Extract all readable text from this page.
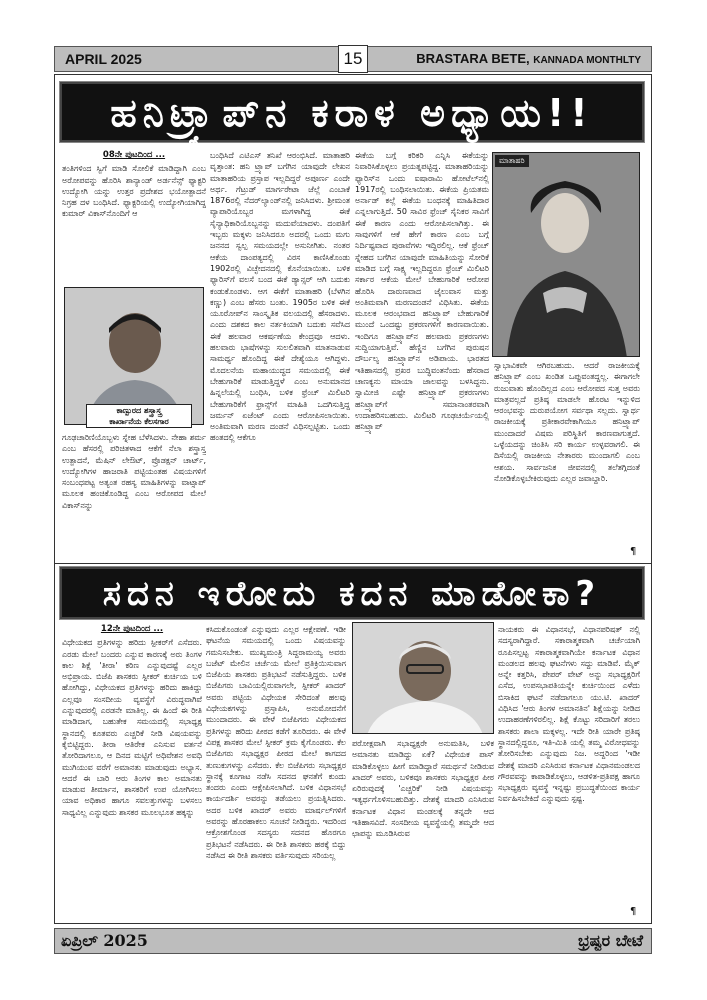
APRIL 2025	15	BRASTARA BETE, KANNADA MONTHLTY
ಹನಿಟ್ರ್ಯಾಪ್‌ನ ಕರಾಳ ಅಧ್ಯಾಯ!!
08ನೇ ಪುಟದಿಂದ ...
ತಂತಿಗಳಿಂದ ಸ್ವಿಗೆ ಮಾಡಿ ಸೋಲಿಕೆ ಮಾಡಿದ್ದಾಗಿ ಎಂಬ ಅರೋಪವನ್ನು ಹೊರಿಸಿ ಶಾನ್ಯಾಂಡ್ ಅರ್ಡನೆನ್ಸ್ ಫ್ಯಾಕ್ಟರಿ ಉದ್ಯೋಗಿ ಯನ್ನು ಉತ್ತರ ಪ್ರದೇಶದ ಭಯೋತ್ಪಾದನೆ ನಿಗ್ರಹ ದಳ ಬಂಧಿಸಿದೆ. ಫ್ಯಾಕ್ಟರಿಯಲ್ಲಿ ಉದ್ಯೋಗಿಯಾಗಿದ್ದ ಕುಮಾರ್ ವಿಕಾಸ್‌ನೊಂದಿಗೆ ಆ
ಕಾಣ್ಪುರದ ಶಸ್ತ್ರಾಸ್ತ್ರ
ಕಾರ್ಖಾನೆಯ ಕೆಲಸಗಾರ
ಗೂಢಚಾರಿಣಿಯೊಬ್ಬಳು ಸ್ನೇಹ ಬೆಳೆಸಿದಳು. ನೇಹಾ ಶರ್ಮ ಎಂಬ ಹೆಸರಲ್ಲಿ ಪರಿಚಿತಳಾದ ಆಕೆಗೆ ನೆಲಾ ಶಸ್ತ್ರಾಸ್ತ್ರ ಉತ್ಪಾದನೆ, ಮೆಷಿನ್ ಲೇಔಟ್, ಪ್ರೊಡಕ್ಷನ್ ಚಾರ್ಟ್, ಉದ್ಯೋಗಿಗಳ ಹಾಜರಾತಿ ಪಟ್ಟಿಯಂತಹ ವಿಷಯಗಳಿಗೆ ಸಂಬಂಧಪಟ್ಟ ಅತ್ಯಂತ ರಹಸ್ಯ ಮಾಹಿತಿಗಳನ್ನು ವಾಟ್ಸಾಪ್ ಮೂಲಕ ಹಂಚಿಕೊಂಡಿದ್ದ ಎಂಬ ಆರೋಪದ ಮೇಲೆ ವಿಕಾಸ್‌ನನ್ನು
ಬಂಧಿಸಿದೆ ಎಟಿಎಸ್ ತನಿಖೆ ಆರಂಭಿಸಿದೆ. ಮಾತಾಹರಿ ವೃತ್ತಾಂತ: ಹನಿ ಟ್ರ್ಯಾಪ್ ಬಗೆಗಿನ ಯಾವುದೇ ಲೇಖನ ಮಾತಾಹರಿಯ ಪ್ರಸ್ತಾಪ ಇಲ್ಲದಿದ್ದರೆ ಅಪೂರ್ಣ ಎಂದೇ ಅರ್ಥ. ಗೆಟ್ರುಡ್ ಮಾರ್ಗರೇಟಾ ಜೆಲ್ಲೆ ಎಂಬಾಕೆ 1876ರಲ್ಲಿ ನೆದರ್‌ಲ್ಯಾಂಡ್‌ನಲ್ಲಿ ಜನಿಸಿದಳು. ಶ್ರೀಮಂತ ವ್ಯಾಪಾರಿಯೊಬ್ಬರ ಮಗಳಾಗಿದ್ದ ಈಕೆ ಸೈನ್ಯಾಧಿಕಾರಿಯೊಬ್ಬನನ್ನು ಮದುವೆಯಾದಳು. ದಂಪತಿಗೆ ಇಬ್ಬರು ಮಕ್ಕಳು ಜನಿಸಿದರೂ ಅದರಲ್ಲಿ ಒಂದು ಮಗು ಜನನದ ಸ್ವಲ್ಪ ಸಮಯದಲ್ಲೇ ಅಸುನೀಗಿತು. ನಂತರ ಆಕೆಯ ದಾಂಪತ್ಯದಲ್ಲಿ ವಿರಸ ಕಾಣಿಸಿಕೊಂಡು 1902ರಲ್ಲಿ ವಿಚ್ಛೇದನದಲ್ಲಿ ಕೊನೆಯಾಯಿತು. ಬಳಿಕ ಫ್ಯಾರಿಸ್‌ಗೆ ವಲಸೆ ಬಂದ ಈಕೆ ಡ್ಯಾನ್ಸರ್ ಆಗಿ ಬದುಕು ಕಂಡುಕೊಂಡಳು. ಆಗ ಈಕೆಗೆ ಮಾತಾಹರಿ (ಬೆಳಗಿನ ಕಣ್ಣು) ಎಂಬ ಹೆಸರು ಬಂತು. 1905ರ ಬಳಿಕ ಈಕೆ ಯೂರೋಪ್‌ನ ಸಾಂಸ್ಕೃತಿಕ ವಲಯದಲ್ಲಿ ಹೆಸರಾದಳು. ಎಂದು ದಶಕದ ಕಾಲ ನರ್ತಕಿಯಾಗಿ ಬದುಕು ಸವೆಸಿದ ಈಕೆ ಹಲವಾರ ಆಕರ್ಷಣೆಯ ಕೇಂದ್ರವೂ ಆದಳು. ಹಲವಾರು ಭಾಷೆಗಳನ್ನು ಸುಲಲಿತವಾಗಿ ಮಾತನಾಡುವ ಸಾಮರ್ಥ್ಯ ಹೊಂದಿದ್ದ ಈಕೆ ದೇಶ್ಯೆಯೂ ಆಗಿದ್ದಳು. ಮೊದಲನೆಯ ಮಹಾಯುದ್ಧದ ಸಮಯದಲ್ಲಿ ಈಕೆ ಬೇಹುಗಾರಿಕೆ ಮಾಡುತ್ತಿದ್ದಳೆ ಎಂಬ ಅನುಮಾನದ ಹಿನ್ನಲೆಯಲ್ಲಿ ಬಂಧಿಸಿ, ಬಳಿಕ ಫ್ರೆಂಚ್ ಮಿಲಿಟರಿ ಬೇಹುಗಾರಿಕೆಗೆ ಫ್ರಾನ್ಸ್‌ಗೆ ಮಾಹಿತಿ ಒದಗಿಸುತ್ತಿದ್ದ ಜರ್ಮನ್ ಏಜೆಂಟ್ ಎಂದು ಆರೋಪಿಸಲಾಯಿತು. ಅಂತಿಮವಾಗಿ ಮರಣ ದಂಡನೆ ವಿಧಿಸಲ್ಪಟ್ಟಿತು. ಒಂದು ಹಂತದಲ್ಲಿ ಆಕೆಗೂ
ಈಕೆಯ ಬಗ್ಗೆ ಕರಿಕರಿ ಎನ್ನಿಸಿ ಈಕೆಯನ್ನು ನಿವಾರಿಸಿಕೊಳ್ಳಲು ಪ್ರಯತ್ನಪಟ್ಟಿದ್ದ. ಮಾತಾಹರಿಯನ್ನು ಫ್ಯಾರಿಸ್‌ನ ಒಂದು ಐಷಾರಾಮಿ ಹೋಟೆಲ್‌ನಲ್ಲಿ 1917ರಲ್ಲಿ ಬಂಧಿಸಲಾಯಿತು. ಈಕೆಯ ಪ್ರಿಯತಮ ಅರ್ನಾಡ್ ಕಲ್ಲೆ ಈಕೆಯ ಬಂಧನಕ್ಕೆ ಮಾಹಿತಿದಾರ ಎನ್ನಲಾಗುತ್ತಿದೆ. 50 ಸಾವಿರ ಫ್ರೆಂಚ್ ಸೈನಿಕರ ಸಾವಿಗೆ ಈಕೆ ಕಾರಣ ಎಂದು ಆರೋಪಿಸಲಾಗಿತ್ತು. ಈ ಸಾವುಗಳಿಗೆ ಆಕೆ ಹೇಗೆ ಕಾರಣ ಎಂಬ ಬಗ್ಗೆ ನಿರ್ದಿಷ್ಟವಾದ ಪುರಾವೆಗಳು ಇದ್ದಿರಲಿಲ್ಲ. ಆಕೆ ಫ್ರೆಂಚ್ ಸ್ನೇಹದ ಬಗೆಗಿನ ಯಾವುದೇ ಮಾಹಿತಿಯನ್ನು ಸೋರಿಕೆ ಮಾಡಿದ ಬಗ್ಗೆ ಸಾಕ್ಷ್ಯ ಇಲ್ಲದಿದ್ದರೂ ಫ್ರೆಂಚ್ ಮಿಲಿಟರಿ ಸರ್ಕಾರ ಆಕೆಯ ಮೇಲೆ ಬೇಹುಗಾರಿಕೆ ಆರೋಪ ಹೊರಿಸಿ ದಾರುಣವಾದ ಜೈಲುವಾಸ ಮತ್ತು ಅಂತಿಮವಾಗಿ ಮರಣದಂಡನೆ ವಿಧಿಸಿತು. ಈಕೆಯ ಮೂಲಕ ಆರಂಭವಾದ ಹನಿಟ್ರ್ಯಾಪ್ ಬೇಹುಗಾರಿಕೆ ಮುಂದೆ ಒಂದಷ್ಟು ಪ್ರಕರಣಗಳಿಗೆ ಕಾರಣವಾಯಿತು. ಇಂದಿಗೂ ಹನಿಟ್ರ್ಯಾಪ್‌ನ ಹಲವಾರು ಪ್ರಕರಣಗಳು ಸುದ್ದಿಯಾಗುತ್ತಿವೆ. ಹೆಣ್ಣಿನ ಬಗೆಗಿನ ಪುರುಷನ ದೌರ್ಬಲ್ಯ ಹನಿಟ್ರ್ಯಾಪ್‌ನ ಅಡಿಪಾಯ. ಭಾರತದ ಇತಿಹಾಸದಲ್ಲಿ ಪ್ರಖರ ಬುದ್ಧಿವಂತನೆಂದು ಹೆಸರಾದ ಚಾಣಕ್ಯನು ಮಾಯಾ ಜಾಲವನ್ನು ಬಳಸಿದ್ದನು. ಸ್ವಾಮೀಜಿ ಎಷ್ಟೇ ಹನಿಟ್ರ್ಯಾಪ್ ಪ್ರಕರಣಗಳು ಹನಿಟ್ರ್ಯಾಪ್‌ಗೆ ಸಮಾನಾಂತರವಾಗಿ ಉದಾಹರಿಸಬಹುದು. ಮಿಲಿಟರಿ ಗೂಢಚರ್ಯೆಯಲ್ಲಿ ಹನಿಟ್ರ್ಯಾಪ್
ಮಾತಾಹರಿ
ಸ್ವಾಭಾವಿಕವೇ ಆಗಿರಬಹುದು. ಆದರೆ ರಾಜಕೀಯಕ್ಕೆ ಹನಿಟ್ರ್ಯಾಪ್ ಎಂಬ ಖಂಡಿತ ಒಪ್ಪುವಂತದ್ದಲ್ಲ. ಈಗಾಗಲೇ ರುಜುವಾತು ಹೊಂದಿಲ್ಲದ ಎಂಬ ಆರೋಪದ ಸುತ್ತ ಅವರು ಮಾತ್ರವಲ್ಲದೆ ಪ್ರತಿಷ್ಠ ಮಾಡಲೇ ಹೊರಟ ಇನ್ನುಳಿದ ಆರಂಭವನ್ನು ದುರುಪಯೋಗ ಸರ್ವಥಾ ಸಲ್ಲದು. ಸ್ವಾರ್ಥ ರಾಜಕೀಯಕ್ಕೆ ಪ್ರತೀಕಾರವೇಕಾಗಿಯೂ ಹನಿಟ್ರ್ಯಾಪ್ ಮುಂದಾದರೆ ವಿಷಮ ಪರಿಸ್ಥಿತಿಗೆ ಕಾರಣವಾಗುತ್ತದೆ. ಒಳ್ಳೆಯದನ್ನು ಚಿಂತಿಸಿ ಸರಿ ಕಾರ್ಯ ಉಳ್ಳವರಾಗಲಿ. ಈ ದಿಸೆಯಲ್ಲಿ ರಾಜಕೀಯ ನೇತಾರರು ಮುಂದಾಗಲಿ ಎಂಬ ಆಶಯ. ಸಾರ್ವಜನಿಕ ಜೀವನದಲ್ಲಿ ತಲೆತಗ್ಗಿದಂತೆ ನೋಡಿಕೊಳ್ಳಬೇಕಿರುವುದು ಎಲ್ಲರ ಜವಾಬ್ದಾರಿ.
¶
ಸದನ ಇರೋದು ಕದನ ಮಾಡೋಕಾ?
12ನೇ ಪುಟದಿಂದ ...
ವಿಧೇಯಕದ ಪ್ರತಿಗಳನ್ನು ಹರಿದು ಸ್ಪೀಕರ್‌ಗೆ ಎಸೆದರು. ಎರಡು ಮೇಲೆ ಬಂದರು ಎನ್ನುವ ಕಾರಣಕ್ಕೆ ಅರು ತಿಂಗಳ ಕಾಲ ಶಿಕ್ಷೆ 'ತೀರಾ' ಕಠಿಣ ಎನ್ನುವುದಷ್ಟೆ ಎಲ್ಲರ ಅಭಿಪ್ರಾಯ. ಬಿಜೆಪಿ ಶಾಸಕರು ಸ್ಪೀಕರ್ ಕುರ್ಚಿಯ ಬಳಿ ಹೋಗಿದ್ದು, ವಿಧೇಯಕದ ಪ್ರತಿಗಳನ್ನು ಹರಿದು ಹಾಕಿದ್ದು ಎಲ್ಲವೂ ಸಂಸದೀಯ ವ್ಯವಸ್ಥೆಗೆ ವಿರುದ್ಧವಾಗಿವೆ ಎನ್ನುವುದರಲ್ಲಿ ಎರಡನೇ ಮಾತಿಲ್ಲ. ಈ ಹಿಂದೆ ಈ ರೀತಿ ಮಾಡಿದಾಗ, ಬಹುತೇಕ ಸಮಯದಲ್ಲಿ ಸಭಾಧ್ಯಕ್ಷ ಸ್ಥಾನದಲ್ಲಿ ಕೂತವರು ಎಚ್ಚರಿಕೆ ನೀಡಿ ವಿಷಯವನ್ನು ಕೈಬಿಟ್ಟಿದ್ದರು. ತೀರಾ ಆತಿರೇಕ ಎನಿಸುವ ವರ್ತನೆ ತೋರಿದಾಗಲೂ, ಆ ದಿನದ ಮಟ್ಟಿಗೆ ಅಧಿವೇಶನ ಅವಧಿ ಮುಗಿಯುವ ವರೆಗೆ ಅಮಾನತು ಮಾಡುವುದು ಅಭ್ಯಾಸ. ಆದರೆ ಈ ಬಾರಿ ಆರು ತಿಂಗಳ ಕಾಲ ಅಮಾನತು ಮಾಡುವ ತೀರ್ಮಾನ, ಶಾಸಕರಿಗೆ ಉಪ ಯೋಗಿಸಲು ಯಾವ ಅಧಿಕಾರ ಹಾಗೂ ಸವಲತ್ತುಗಳನ್ನು ಬಳಸಲು ಸಾಧ್ಯವಿಲ್ಲ ಎನ್ನುವುದು ಶಾಸಕರ ಮೂಲಭೂತ ಹಕ್ಕನ್ನು
ಕಸಿದುಕೊಂಡಂತೆ ಎನ್ನುವುದು ಎಲ್ಲರ ಆಕ್ಷೇಪಣೆ. ಇಡೀ ಘಟನೆಯ ಸಮಯದಲ್ಲಿ ಒಂದು ವಿಷಯವನ್ನು ಗಮನಿಸಬೇಕು. ಮುಖ್ಯಮಂತ್ರಿ ಸಿದ್ದರಾಮಯ್ಯ ಅವರು ಬಜೆಟ್ ಮೇಲಿನ ಚರ್ಚೆಯ ಮೇಲೆ ಪ್ರತಿಕ್ರಿಯಿಸುವಾಗ ಬಿಜೆಪಿಯ ಶಾಸಕರು ಪ್ರತಿಭಟನೆ ನಡೆಸುತ್ತಿದ್ದರು. ಬಳಿಕ ಬಿಜೆಪಿಗರು ಬಾವಿಯಲ್ಲಿರುವಾಗಲೇ, ಸ್ಪೀಕರ್ ಖಾದರ್ ಅವರು ಪಟ್ಟಿಯ ವಿಧೇಯಕ ಸೇರಿದಂತೆ ಹಲವು ವಿಧೇಯಕಗಳನ್ನು ಪ್ರಸ್ತಾಪಿಸಿ, ಅನುಮೋದನೆಗೆ ಮುಂದಾದರು. ಈ ವೇಳೆ ಬಿಜೆಪಿಗರು ವಿಧೇಯಕದ ಪ್ರತಿಗಳನ್ನು ಹರಿದು ಪೀಠದ ಕಡೆಗೆ ತೂರಿದರು. ಈ ವೇಳೆ ವಿಪಕ್ಷ ಶಾಸಕರ ಮೇಲೆ ಸ್ಪೀಕರ್ ಕ್ರಮ ಕೈಗೊಂಡರು. ಕೆಲ ಬಿಜೆಪಿಗರು ಸಭಾಧ್ಯಕ್ಷರ ಪೀಠದ ಮೇಲೆ ಕಾಗದದ ತುಣುಕುಗಳನ್ನು ಎಸೆದರು. ಕೆಲ ಬಿಜೆಪಿಗರು ಸಭಾಧ್ಯಕ್ಷರ ಸ್ಥಾನಕ್ಕೆ ಕೂಗಾಟ ನಡೆಸಿ ಸದನದ ಘನತೆಗೆ ಕುಂದು ತಂದರು ಎಂದು ಆಕ್ಷೇಪಿಸಲಾಗಿದೆ. ಬಳಿಕ ವಿಧಾನಸಭೆ ಕಾರ್ಯದರ್ಶಿ ಅವರನ್ನು ತಡೆಯಲು ಪ್ರಯತ್ನಿಸಿದರು. ಅದರ ಬಳಿಕ ಖಾದರ್ ಅವರು ಮಾರ್ಷಲ್‌ಗಳಿಗೆ ಅವರನ್ನು ಹೊರಹಾಕಲು ಸೂಚನೆ ನೀಡಿದ್ದರು. ಇದರಿಂದ ಆಕ್ರೋಶಗೊಂಡ ಸದಸ್ಯರು ಸದನದ ಹೊರಗೂ ಪ್ರತಿಭಟನೆ ನಡೆಸಿದರು. ಈ ರೀತಿ ಶಾಸಕರು ಹಠಕ್ಕೆ ಬಿದ್ದು ನಡೆಸಿದ ಈ ರೀತಿ ಶಾಸಕರು ವರ್ತಿಸುವುದು ಸರಿಯಲ್ಲ
ಪರೋಕ್ಷವಾಗಿ ಸಭಾಧ್ಯಕ್ಷರೇ ಅನುಮತಿಸಿ, ಬಳಿಕ ಅಮಾನತು ಮಾಡಿದ್ದು ಏಕೆ? ವಿಧೇಯಕ ಪಾಸ್ ಮಾಡಿಕೊಳ್ಳಲು ಹೀಗೆ ಮಾಡಿದ್ದಾರೆ ಸಮರ್ಥನೆ ನೀಡಿರುವ ಖಾದರ್ ಅವರು, ಬಳಿಕವೂ ಶಾಸಕರು ಸಭಾಧ್ಯಕ್ಷರ ಪೀಠ ಏರಿರುವುದಕ್ಕೆ 'ಎಚ್ಚರಿಕೆ' ನೀಡಿ ವಿಷಯವನ್ನು ಇತ್ಯರ್ಥಗೊಳಿಸಬಹುದಿತ್ತು. ದೇಶಕ್ಕೆ ಮಾದರಿ ಎನಿಸಿರುವ ಕರ್ನಾಟಕ ವಿಧಾನ ಮಂಡಲಕ್ಕೆ ತನ್ನದೇ ಆದ ಇತಿಹಾಸವಿದೆ. ಸಂಸದೀಯ ವ್ಯವಸ್ಥೆಯಲ್ಲಿ ತಮ್ಮದೇ ಆದ ಛಾಪನ್ನು ಮೂಡಿಸಿರುವ
ನಾಯಕರು ಈ ವಿಧಾನಸಭೆ, ವಿಧಾನಪರಿಷತ್ ನಲ್ಲಿ ಸದಸ್ಯರಾಗಿದ್ದಾರೆ. ಸಕಾರಾತ್ಮಕವಾಗಿ ಚರ್ಚೆಯಾಗಿ ರೂಪಿಸಲ್ಪಟ್ಟ ಸಕಾರಾತ್ಮಕವಾಗಿಯೇ ಕರ್ನಾಟಕ ವಿಧಾನ ಮಂಡಲದ ಹಲವು ಘಟನೆಗಳು ಸದ್ದು ಮಾಡಿವೆ. ಮೈಕ್ ಅನ್ನೇ ಕತ್ತರಿಸಿ, ಪೇಪರ್ ವೇಟ್ ಅನ್ನು ಸಭಾಧ್ಯಕ್ಷರಿಗೆ ಎಸೆದ, ಉಪಸಭಾಪತಿಯನ್ನೇ ಕುರ್ಚಿಯಿಂದ ಎಳೆದು ಬಿಸಾಕಿದ ಘಟನೆ ನಡೆದಾಗಲೂ ಯು.ಟಿ. ಖಾದರ್ ವಿಧಿಸಿದ 'ಆರು ತಿಂಗಳ ಅಮಾನತಿನ' ಶಿಕ್ಷೆಯನ್ನು ನೀಡಿದ ಉದಾಹರಣೆಗಳಿರಲಿಲ್ಲ. ಶಿಕ್ಷೆ ಕೊಟ್ಟು ಸರಿದಾರಿಗೆ ತರಲು ಶಾಸಕರು ಶಾಲಾ ಮಕ್ಕಳಲ್ಲ. ಇದೇ ರೀತಿ ಯಾರೇ ಪ್ರತಿಷ್ಠ ಸ್ಥಾನದಲ್ಲಿದ್ದರೂ, ಇತಿ-ಮಿತಿ ಯಲ್ಲಿ ತಮ್ಮ ವಿರೋಧವನ್ನು ತೋರಿಸಬೇಕು ಎನ್ನುವುದು ನಿಜ. ಅದ್ದರಿಂದ 'ಇಡೀ ದೇಶಕ್ಕೆ ಮಾದರಿ ಎನಿಸಿರುವ ಕರ್ನಾಟಕ ವಿಧಾನಮಂಡಲದ ಗೌರವವನ್ನು ಕಾಪಾಡಿಕೊಳ್ಳಲು, ಆಡಳಿತ-ಪ್ರತಿಪಕ್ಷ ಹಾಗೂ ಸಭಾಧ್ಯಕ್ಷರು ವ್ಯವಸ್ಥೆ ಇನ್ನಷ್ಟು ಪ್ರಬುದ್ಧತೆಯಿಂದ ಕಾರ್ಯ ನಿರ್ವಹಿಸಬೇಕಿದೆ ಎನ್ನುವುದು ಸ್ಪಷ್ಟ.
¶
ಏಪ್ರಿಲ್ 2025	ಭ್ರಷ್ಟರ ಬೇಟೆ
